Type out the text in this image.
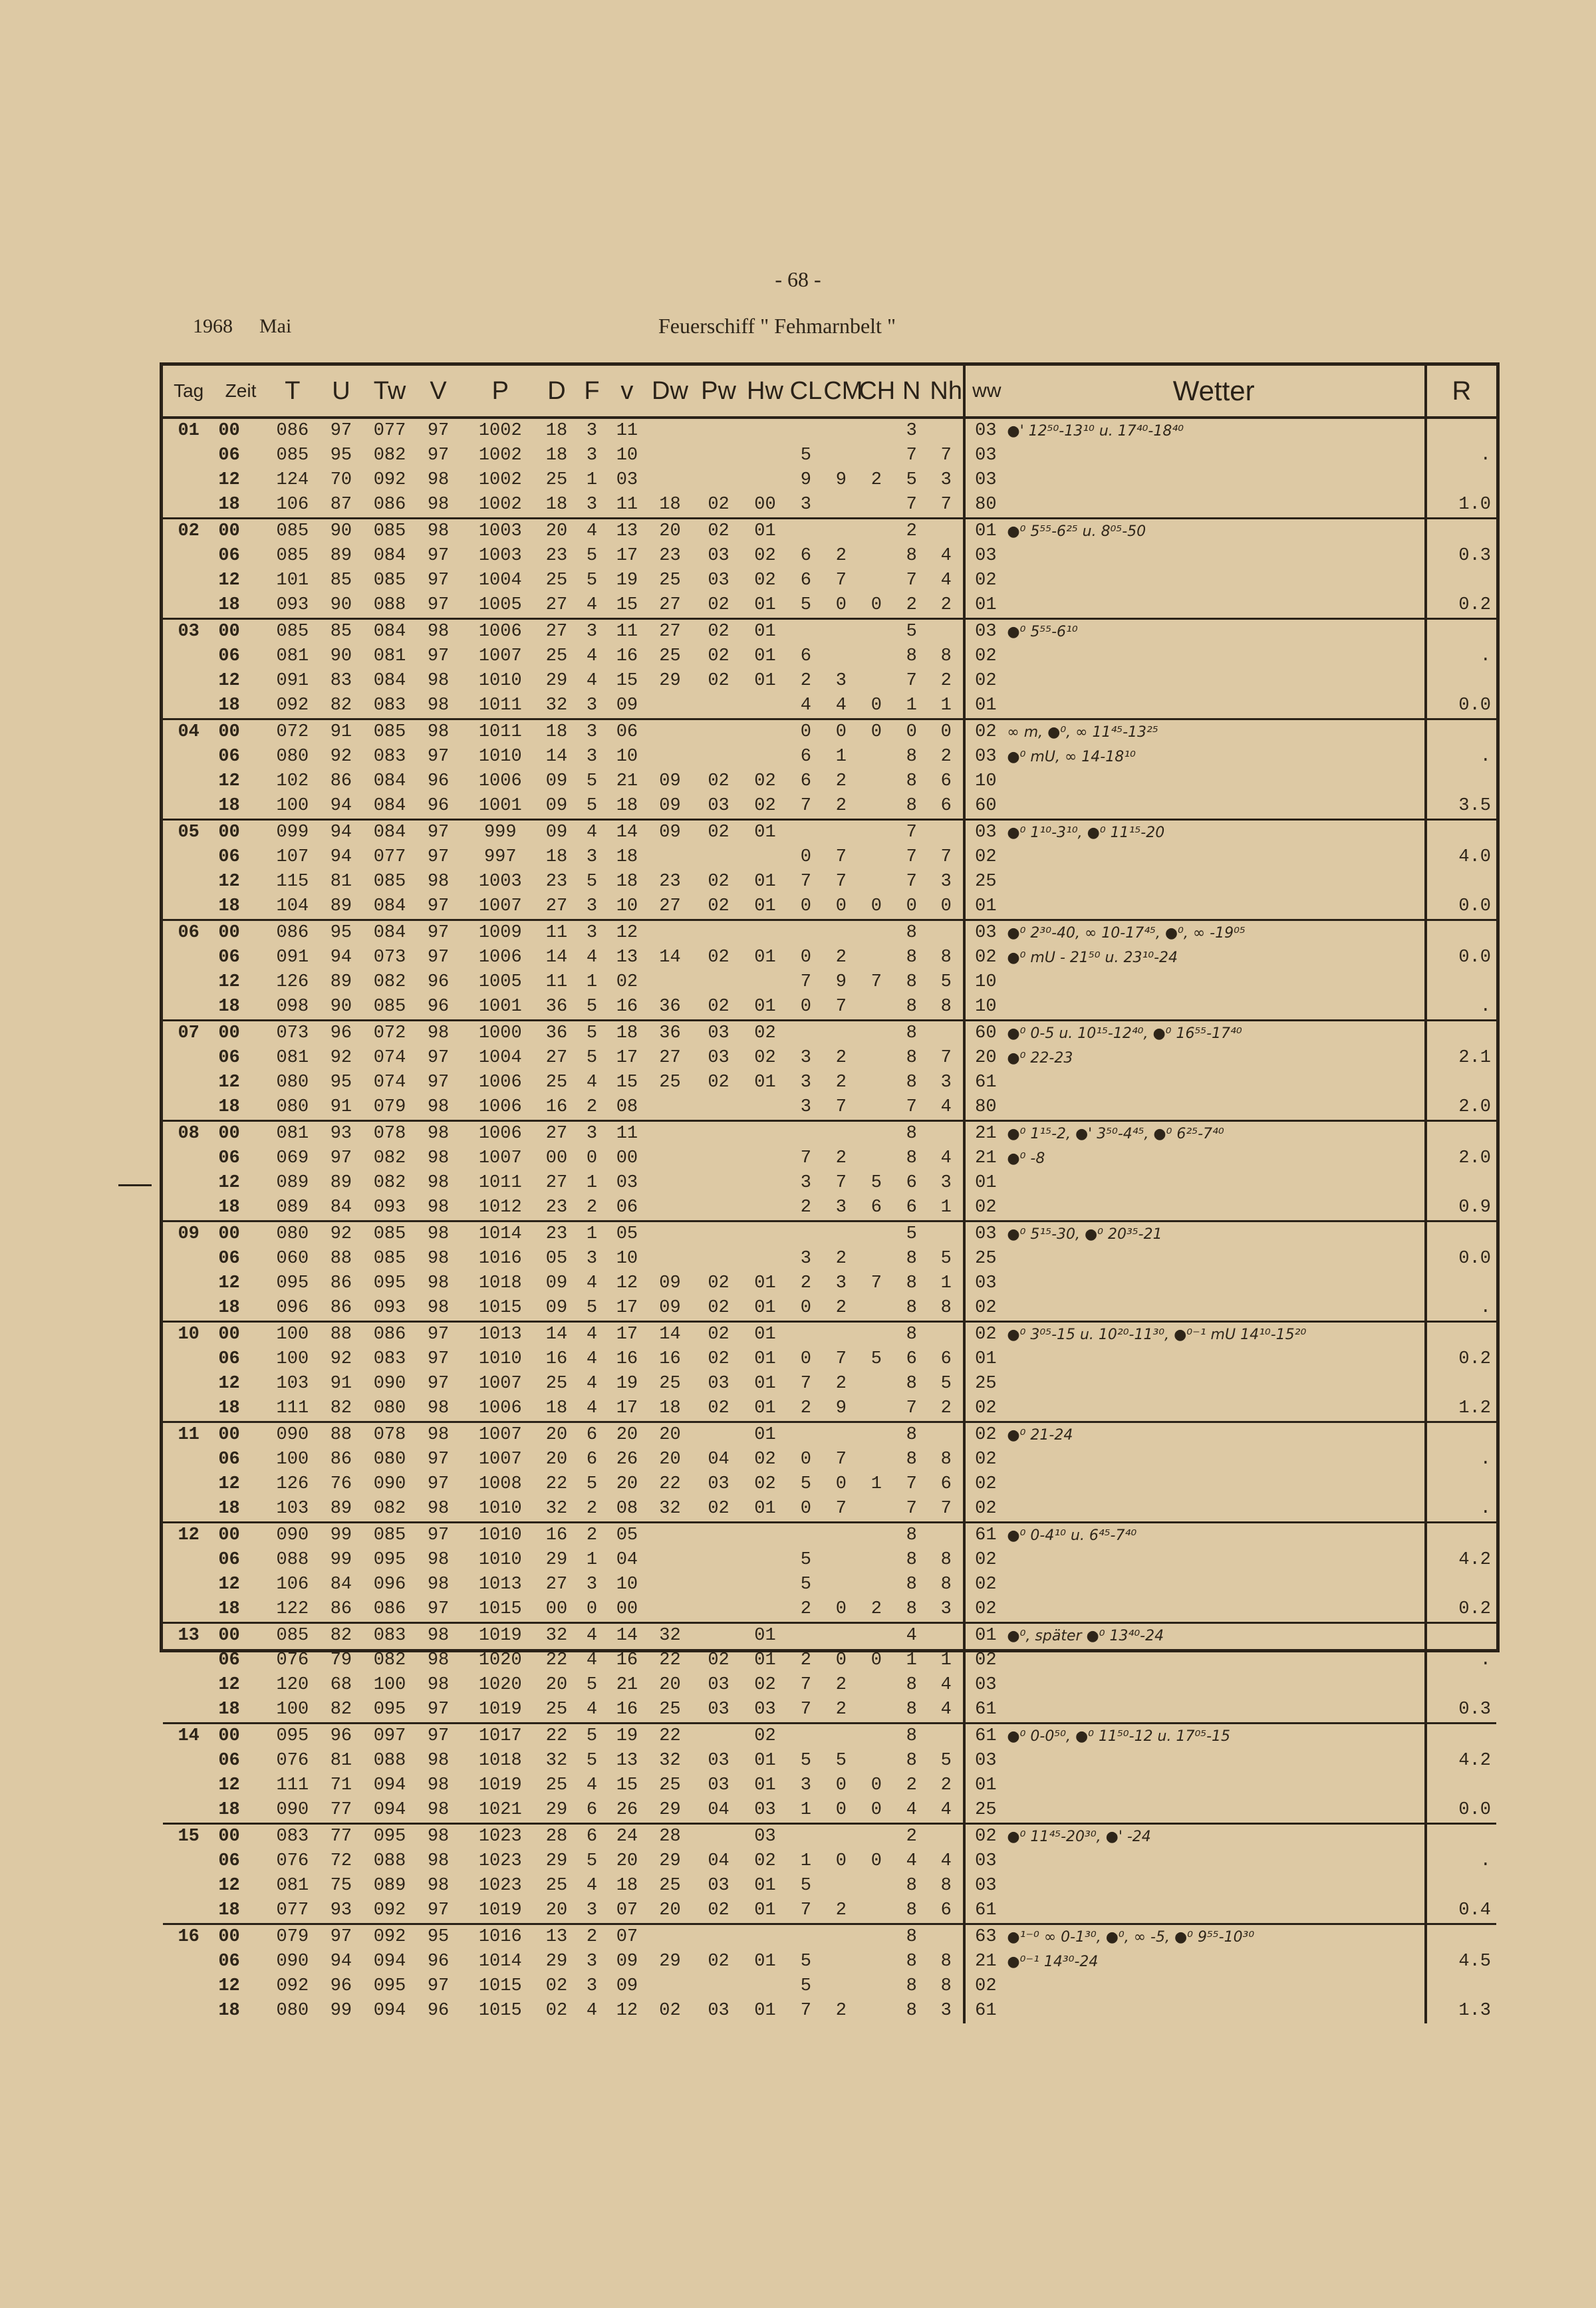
- 68 -
1968 Mai	Feuerschiff " Fehmarnbelt "
Tag	Zeit	T	U	Tw	V	P	D	F	v	Dw	Pw	Hw	CL	CM	CH	N	Nh	ww	Wetter	R
01	00	086	97	077	97	1002	18	3	11							3		03	●' 12⁵⁰-13¹⁰ u. 17⁴⁰-18⁴⁰	
	06	085	95	082	97	1002	18	3	10				5			7	7	03		.
	12	124	70	092	98	1002	25	1	03				9	9	2	5	3	03		
	18	106	87	086	98	1002	18	3	11	18	02	00	3			7	7	80		1.0
02	00	085	90	085	98	1003	20	4	13	20	02	01				2		01	●⁰ 5⁵⁵-6²⁵ u. 8⁰⁵-50	
	06	085	89	084	97	1003	23	5	17	23	03	02	6	2		8	4	03		0.3
	12	101	85	085	97	1004	25	5	19	25	03	02	6	7		7	4	02		
	18	093	90	088	97	1005	27	4	15	27	02	01	5	0	0	2	2	01		0.2
03	00	085	85	084	98	1006	27	3	11	27	02	01				5		03	●⁰ 5⁵⁵-6¹⁰	
	06	081	90	081	97	1007	25	4	16	25	02	01	6			8	8	02		.
	12	091	83	084	98	1010	29	4	15	29	02	01	2	3		7	2	02		
	18	092	82	083	98	1011	32	3	09				4	4	0	1	1	01		0.0
04	00	072	91	085	98	1011	18	3	06				0	0	0	0	0	02	∞ m, ●⁰, ∞ 11⁴⁵-13²⁵	
	06	080	92	083	97	1010	14	3	10				6	1		8	2	03	●⁰ mU, ∞ 14-18¹⁰	.
	12	102	86	084	96	1006	09	5	21	09	02	02	6	2		8	6	10		
	18	100	94	084	96	1001	09	5	18	09	03	02	7	2		8	6	60		3.5
05	00	099	94	084	97	999	09	4	14	09	02	01				7		03	●⁰ 1¹⁰-3¹⁰, ●⁰ 11¹⁵-20	
	06	107	94	077	97	997	18	3	18				0	7		7	7	02		4.0
	12	115	81	085	98	1003	23	5	18	23	02	01	7	7		7	3	25		
	18	104	89	084	97	1007	27	3	10	27	02	01	0	0	0	0	0	01		0.0
06	00	086	95	084	97	1009	11	3	12							8		03	●⁰ 2³⁰-40, ∞ 10-17⁴⁵, ●⁰, ∞ -19⁰⁵	
	06	091	94	073	97	1006	14	4	13	14	02	01	0	2		8	8	02	●⁰ mU - 21⁵⁰ u. 23¹⁰-24	0.0
	12	126	89	082	96	1005	11	1	02				7	9	7	8	5	10		
	18	098	90	085	96	1001	36	5	16	36	02	01	0	7		8	8	10		.
07	00	073	96	072	98	1000	36	5	18	36	03	02				8		60	●⁰ 0-5 u. 10¹⁵-12⁴⁰, ●⁰ 16⁵⁵-17⁴⁰	
	06	081	92	074	97	1004	27	5	17	27	03	02	3	2		8	7	20	●⁰ 22-23	2.1
	12	080	95	074	97	1006	25	4	15	25	02	01	3	2		8	3	61		
	18	080	91	079	98	1006	16	2	08				3	7		7	4	80		2.0
08	00	081	93	078	98	1006	27	3	11							8		21	●⁰ 1¹⁵-2, ●' 3⁵⁰-4⁴⁵, ●⁰ 6²⁵-7⁴⁰	
	06	069	97	082	98	1007	00	0	00				7	2		8	4	21	●⁰ -8	2.0
	12	089	89	082	98	1011	27	1	03				3	7	5	6	3	01		
	18	089	84	093	98	1012	23	2	06				2	3	6	6	1	02		0.9
09	00	080	92	085	98	1014	23	1	05							5		03	●⁰ 5¹⁵-30, ●⁰ 20³⁵-21	
	06	060	88	085	98	1016	05	3	10				3	2		8	5	25		0.0
	12	095	86	095	98	1018	09	4	12	09	02	01	2	3	7	8	1	03		
	18	096	86	093	98	1015	09	5	17	09	02	01	0	2		8	8	02		.
10	00	100	88	086	97	1013	14	4	17	14	02	01				8		02	●⁰ 3⁰⁵-15 u. 10²⁰-11³⁰, ●⁰⁻¹ mU 14¹⁰-15²⁰	
	06	100	92	083	97	1010	16	4	16	16	02	01	0	7	5	6	6	01		0.2
	12	103	91	090	97	1007	25	4	19	25	03	01	7	2		8	5	25		
	18	111	82	080	98	1006	18	4	17	18	02	01	2	9		7	2	02		1.2
11	00	090	88	078	98	1007	20	6	20	20		01				8		02	●⁰ 21-24	
	06	100	86	080	97	1007	20	6	26	20	04	02	0	7		8	8	02		.
	12	126	76	090	97	1008	22	5	20	22	03	02	5	0	1	7	6	02		
	18	103	89	082	98	1010	32	2	08	32	02	01	0	7		7	7	02		.
12	00	090	99	085	97	1010	16	2	05							8		61	●⁰ 0-4¹⁰ u. 6⁴⁵-7⁴⁰	
	06	088	99	095	98	1010	29	1	04				5			8	8	02		4.2
	12	106	84	096	98	1013	27	3	10				5			8	8	02		
	18	122	86	086	97	1015	00	0	00				2	0	2	8	3	02		0.2
13	00	085	82	083	98	1019	32	4	14	32		01				4		01	●⁰, später ●⁰ 13⁴⁰-24	
	06	076	79	082	98	1020	22	4	16	22	02	01	2	0	0	1	1	02		.
	12	120	68	100	98	1020	20	5	21	20	03	02	7	2		8	4	03		
	18	100	82	095	97	1019	25	4	16	25	03	03	7	2		8	4	61		0.3
14	00	095	96	097	97	1017	22	5	19	22		02				8		61	●⁰ 0-0⁵⁰, ●⁰ 11⁵⁰-12 u. 17⁰⁵-15	
	06	076	81	088	98	1018	32	5	13	32	03	01	5	5		8	5	03		4.2
	12	111	71	094	98	1019	25	4	15	25	03	01	3	0	0	2	2	01		
	18	090	77	094	98	1021	29	6	26	29	04	03	1	0	0	4	4	25		0.0
15	00	083	77	095	98	1023	28	6	24	28		03				2		02	●⁰ 11⁴⁵-20³⁰, ●' -24	
	06	076	72	088	98	1023	29	5	20	29	04	02	1	0	0	4	4	03		.
	12	081	75	089	98	1023	25	4	18	25	03	01	5			8	8	03		
	18	077	93	092	97	1019	20	3	07	20	02	01	7	2		8	6	61		0.4
16	00	079	97	092	95	1016	13	2	07							8		63	●¹⁻⁰ ∞ 0-1³⁰, ●⁰, ∞ -5, ●⁰ 9⁵⁵-10³⁰	
	06	090	94	094	96	1014	29	3	09	29	02	01	5			8	8	21	●⁰⁻¹ 14³⁰-24	4.5
	12	092	96	095	97	1015	02	3	09				5			8	8	02		
	18	080	99	094	96	1015	02	4	12	02	03	01	7	2		8	3	61		1.3
